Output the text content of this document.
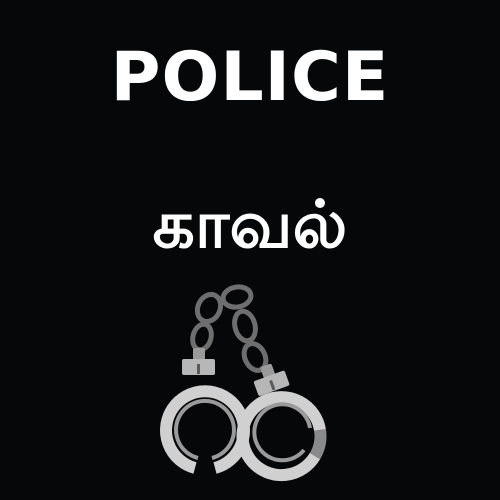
POLICE
காவல்
